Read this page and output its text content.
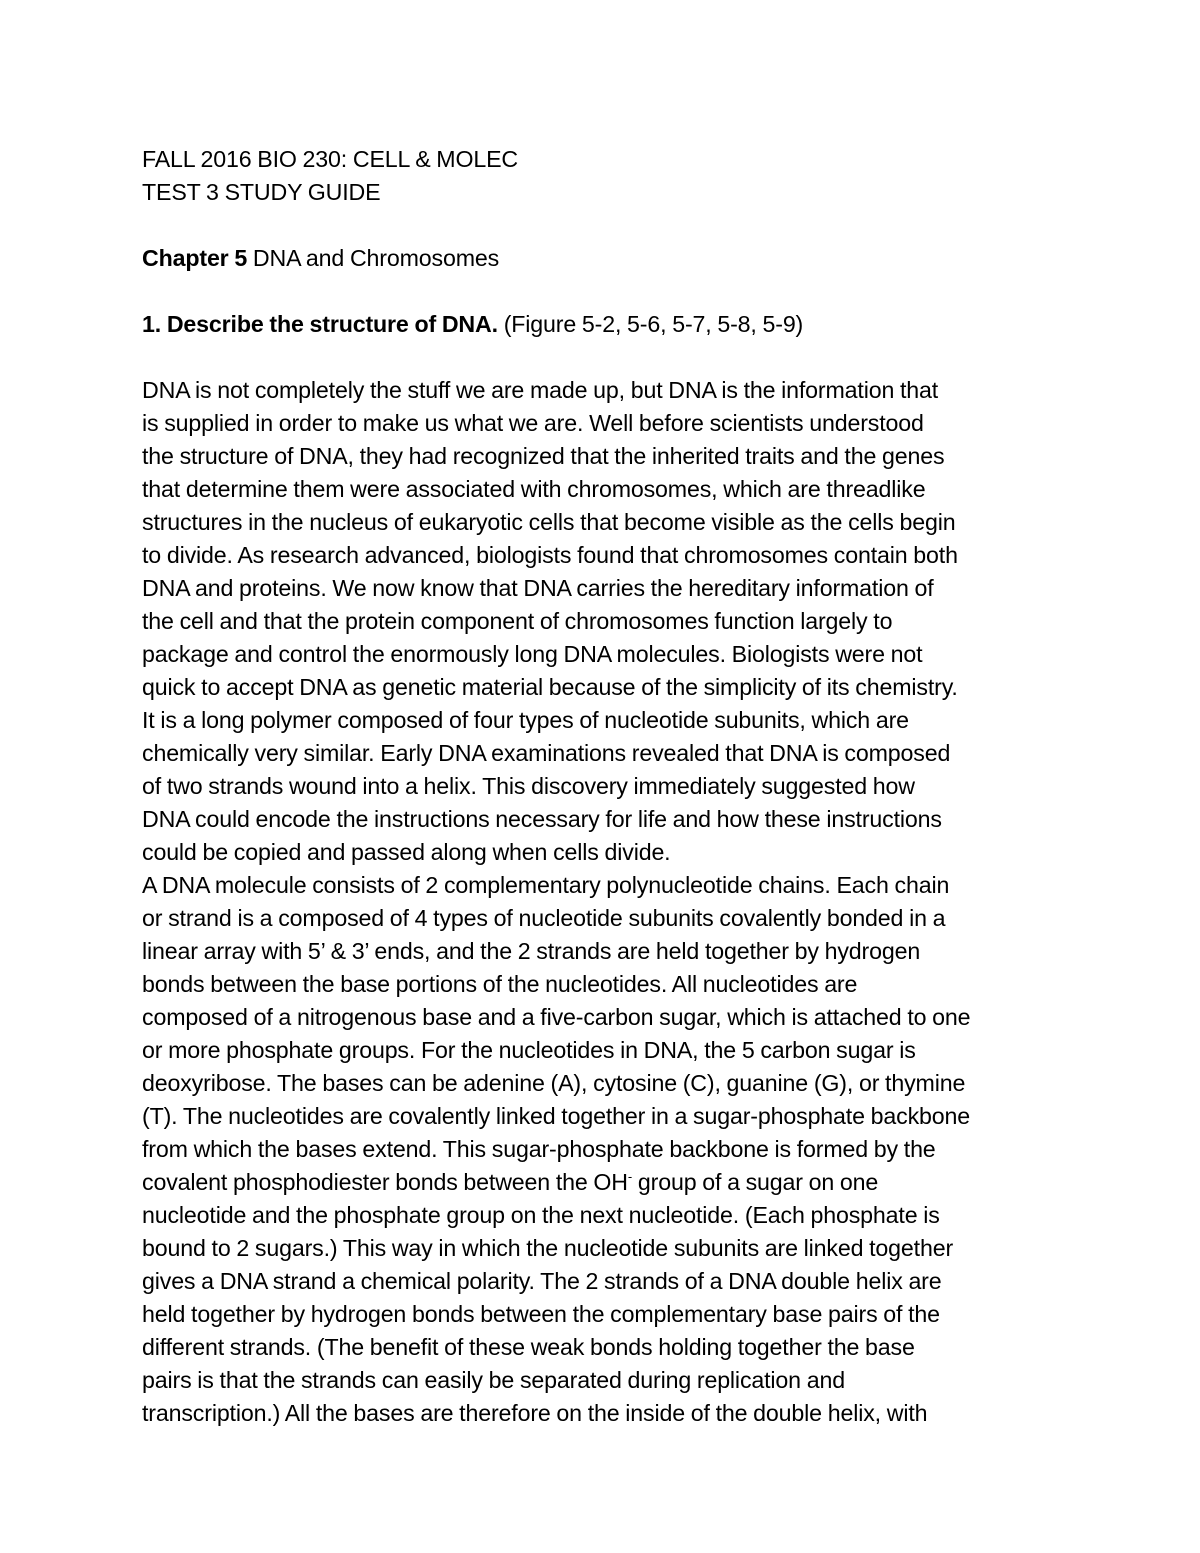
FALL 2016 BIO 230: CELL & MOLEC
TEST 3 STUDY GUIDE
Chapter 5 DNA and Chromosomes
1. Describe the structure of DNA. (Figure 5-2, 5-6, 5-7, 5-8, 5-9)
DNA is not completely the stuff we are made up, but DNA is the information that
is supplied in order to make us what we are. Well before scientists understood
the structure of DNA, they had recognized that the inherited traits and the genes
that determine them were associated with chromosomes, which are threadlike
structures in the nucleus of eukaryotic cells that become visible as the cells begin
to divide. As research advanced, biologists found that chromosomes contain both
DNA and proteins. We now know that DNA carries the hereditary information of
the cell and that the protein component of chromosomes function largely to
package and control the enormously long DNA molecules. Biologists were not
quick to accept DNA as genetic material because of the simplicity of its chemistry.
It is a long polymer composed of four types of nucleotide subunits, which are
chemically very similar. Early DNA examinations revealed that DNA is composed
of two strands wound into a helix. This discovery immediately suggested how
DNA could encode the instructions necessary for life and how these instructions
could be copied and passed along when cells divide.
A DNA molecule consists of 2 complementary polynucleotide chains. Each chain
or strand is a composed of 4 types of nucleotide subunits covalently bonded in a
linear array with 5’ & 3’ ends, and the 2 strands are held together by hydrogen
bonds between the base portions of the nucleotides. All nucleotides are
composed of a nitrogenous base and a five-carbon sugar, which is attached to one
or more phosphate groups. For the nucleotides in DNA, the 5 carbon sugar is
deoxyribose. The bases can be adenine (A), cytosine (C), guanine (G), or thymine
(T). The nucleotides are covalently linked together in a sugar-phosphate backbone
from which the bases extend. This sugar-phosphate backbone is formed by the
covalent phosphodiester bonds between the OH- group of a sugar on one
nucleotide and the phosphate group on the next nucleotide. (Each phosphate is
bound to 2 sugars.) This way in which the nucleotide subunits are linked together
gives a DNA strand a chemical polarity. The 2 strands of a DNA double helix are
held together by hydrogen bonds between the complementary base pairs of the
different strands. (The benefit of these weak bonds holding together the base
pairs is that the strands can easily be separated during replication and
transcription.) All the bases are therefore on the inside of the double helix, with
